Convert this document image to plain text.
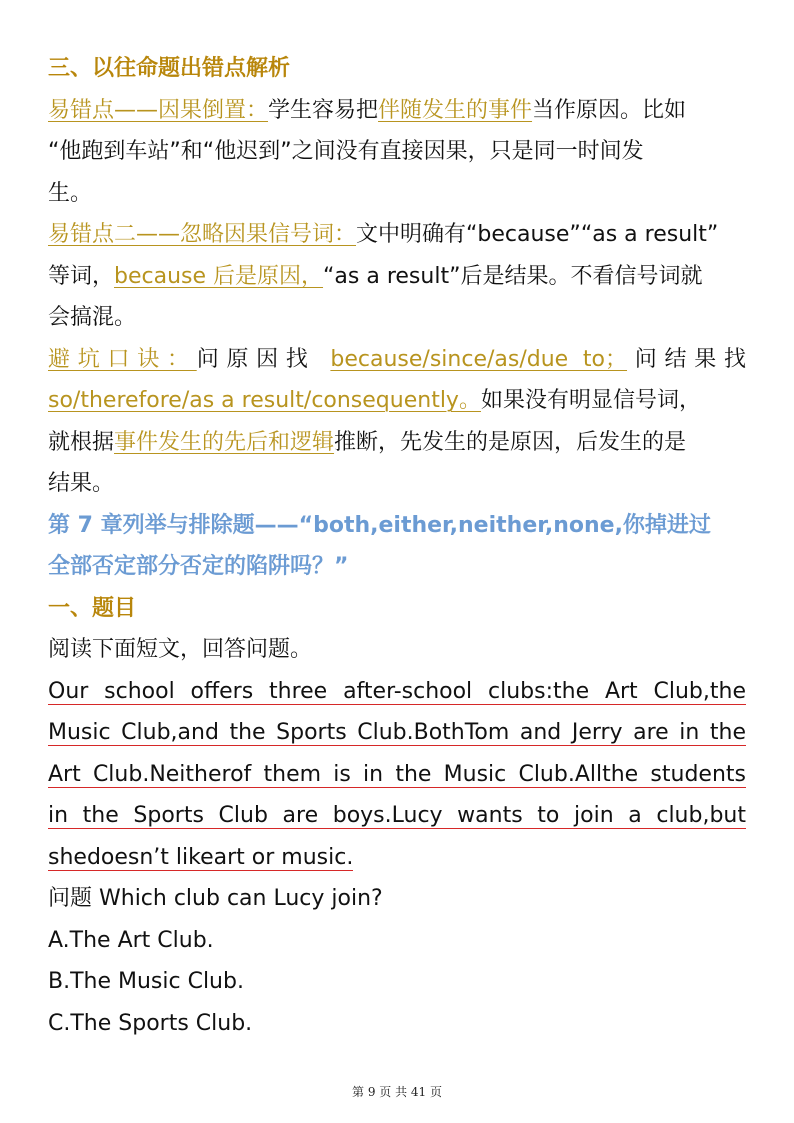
三、以往命题出错点解析
易错点——因果倒置：学生容易把伴随发生的事件当作原因。比如
“他跑到车站”和“他迟到”之间没有直接因果，只是同一时间发
生。
易错点二——忽略因果信号词：文中明确有“because”“as a result”
等词，because 后是原因，“as a result”后是结果。不看信号词就
会搞混。
避坑口诀：问原因找 because/since/as/due to；问结果找
so/therefore/as a result/consequently。如果没有明显信号词，
就根据事件发生的先后和逻辑推断，先发生的是原因，后发生的是
结果。
第 7 章列举与排除题——“both,either,neither,none,你掉进过
全部否定部分否定的陷阱吗？”
一、题目
阅读下面短文，回答问题。
Our school offers three after-school clubs:the Art Club,the
Music Club,and the Sports Club.BothTom and Jerry are in the
Art Club.Neitherof them is in the Music Club.Allthe students
in the Sports Club are boys.Lucy wants to join a club,but
shedoesn’t likeart or music.
问题 Which club can Lucy join?
A.The Art Club.
B.The Music Club.
C.The Sports Club.
第 9 页 共 41 页
